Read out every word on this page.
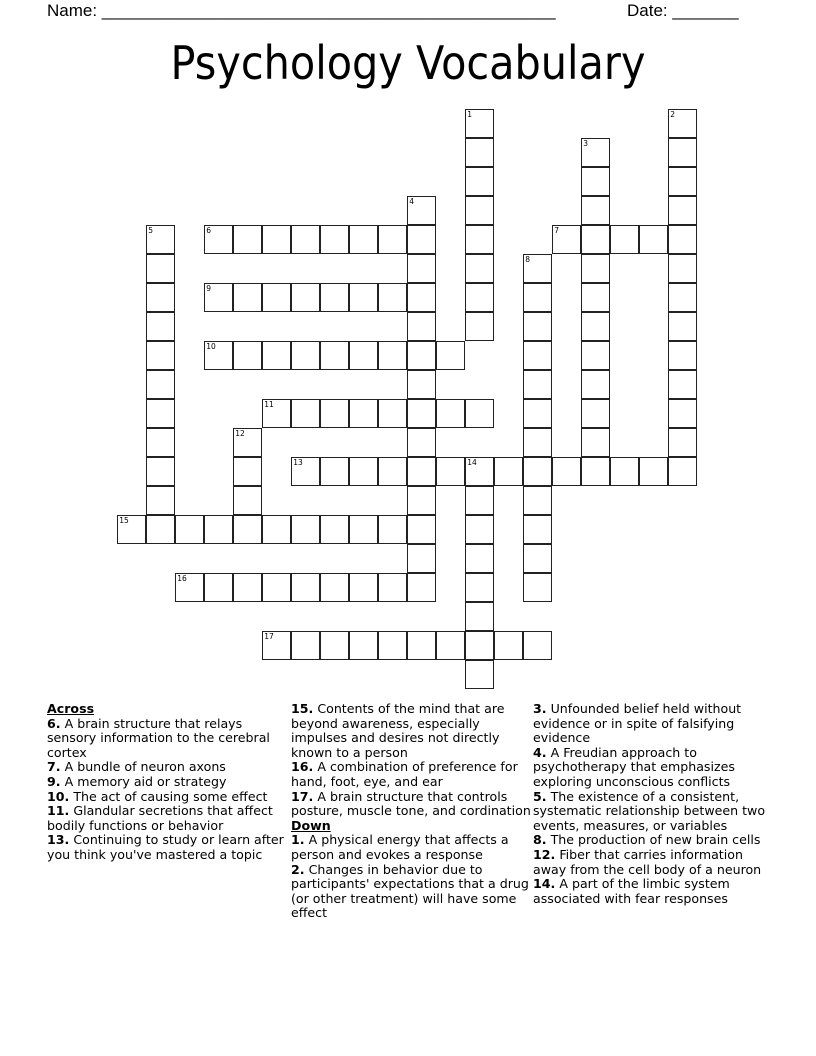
Name: ________________________________________________	Date: _______
Psychology Vocabulary
1	2
3
4
5	6	7
8
9
10
11
12
13	14
15
16
17
Across
6. A brain structure that relays sensory information to the cerebral cortex
7. A bundle of neuron axons
9. A memory aid or strategy
10. The act of causing some effect
11. Glandular secretions that affect bodily functions or behavior
13. Continuing to study or learn after you think you've mastered a topic
15. Contents of the mind that are beyond awareness, especially impulses and desires not directly known to a person
16. A combination of preference for hand, foot, eye, and ear
17. A brain structure that controls posture, muscle tone, and cordination
Down
1. A physical energy that affects a person and evokes a response
2. Changes in behavior due to participants' expectations that a drug (or other treatment) will have some effect
3. Unfounded belief held without evidence or in spite of falsifying evidence
4. A Freudian approach to psychotherapy that emphasizes exploring unconscious conflicts
5. The existence of a consistent, systematic relationship between two events, measures, or variables
8. The production of new brain cells
12. Fiber that carries information away from the cell body of a neuron
14. A part of the limbic system associated with fear responses
